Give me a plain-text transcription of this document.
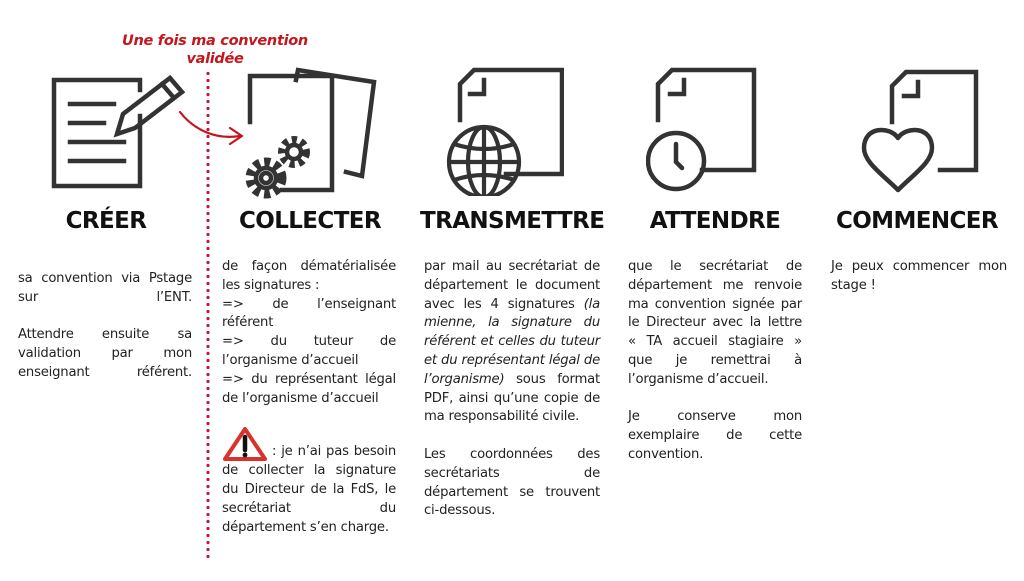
Une fois ma convention validée
CRÉER	COLLECTER	TRANSMETTRE	ATTENDRE	COMMENCER

sa convention via Pstage sur l’ENT.

Attendre ensuite sa validation par mon enseignant référent.

de façon dématérialisée les signatures :

=> de l’enseignant référent

=> du tuteur de l’organisme d’accueil

=> du représentant légal de l’organisme d’accueil

: je n’ai pas besoin de collecter la signature du Directeur de la FdS, le secrétariat du département s’en charge.

par mail au secrétariat de département le document avec les 4 signatures (la mienne, la signature du référent et celles du tuteur et du représentant légal de l’organisme) sous format PDF, ainsi qu’une copie de ma responsabilité civile.

Les coordonnées des secrétariats de département se trouvent ci-dessous.

que le secrétariat de département me renvoie ma convention signée par le Directeur avec la lettre « TA accueil stagiaire » que je remettrai à l’organisme d’accueil.

Je conserve mon exemplaire de cette convention.

Je peux commencer mon stage !
